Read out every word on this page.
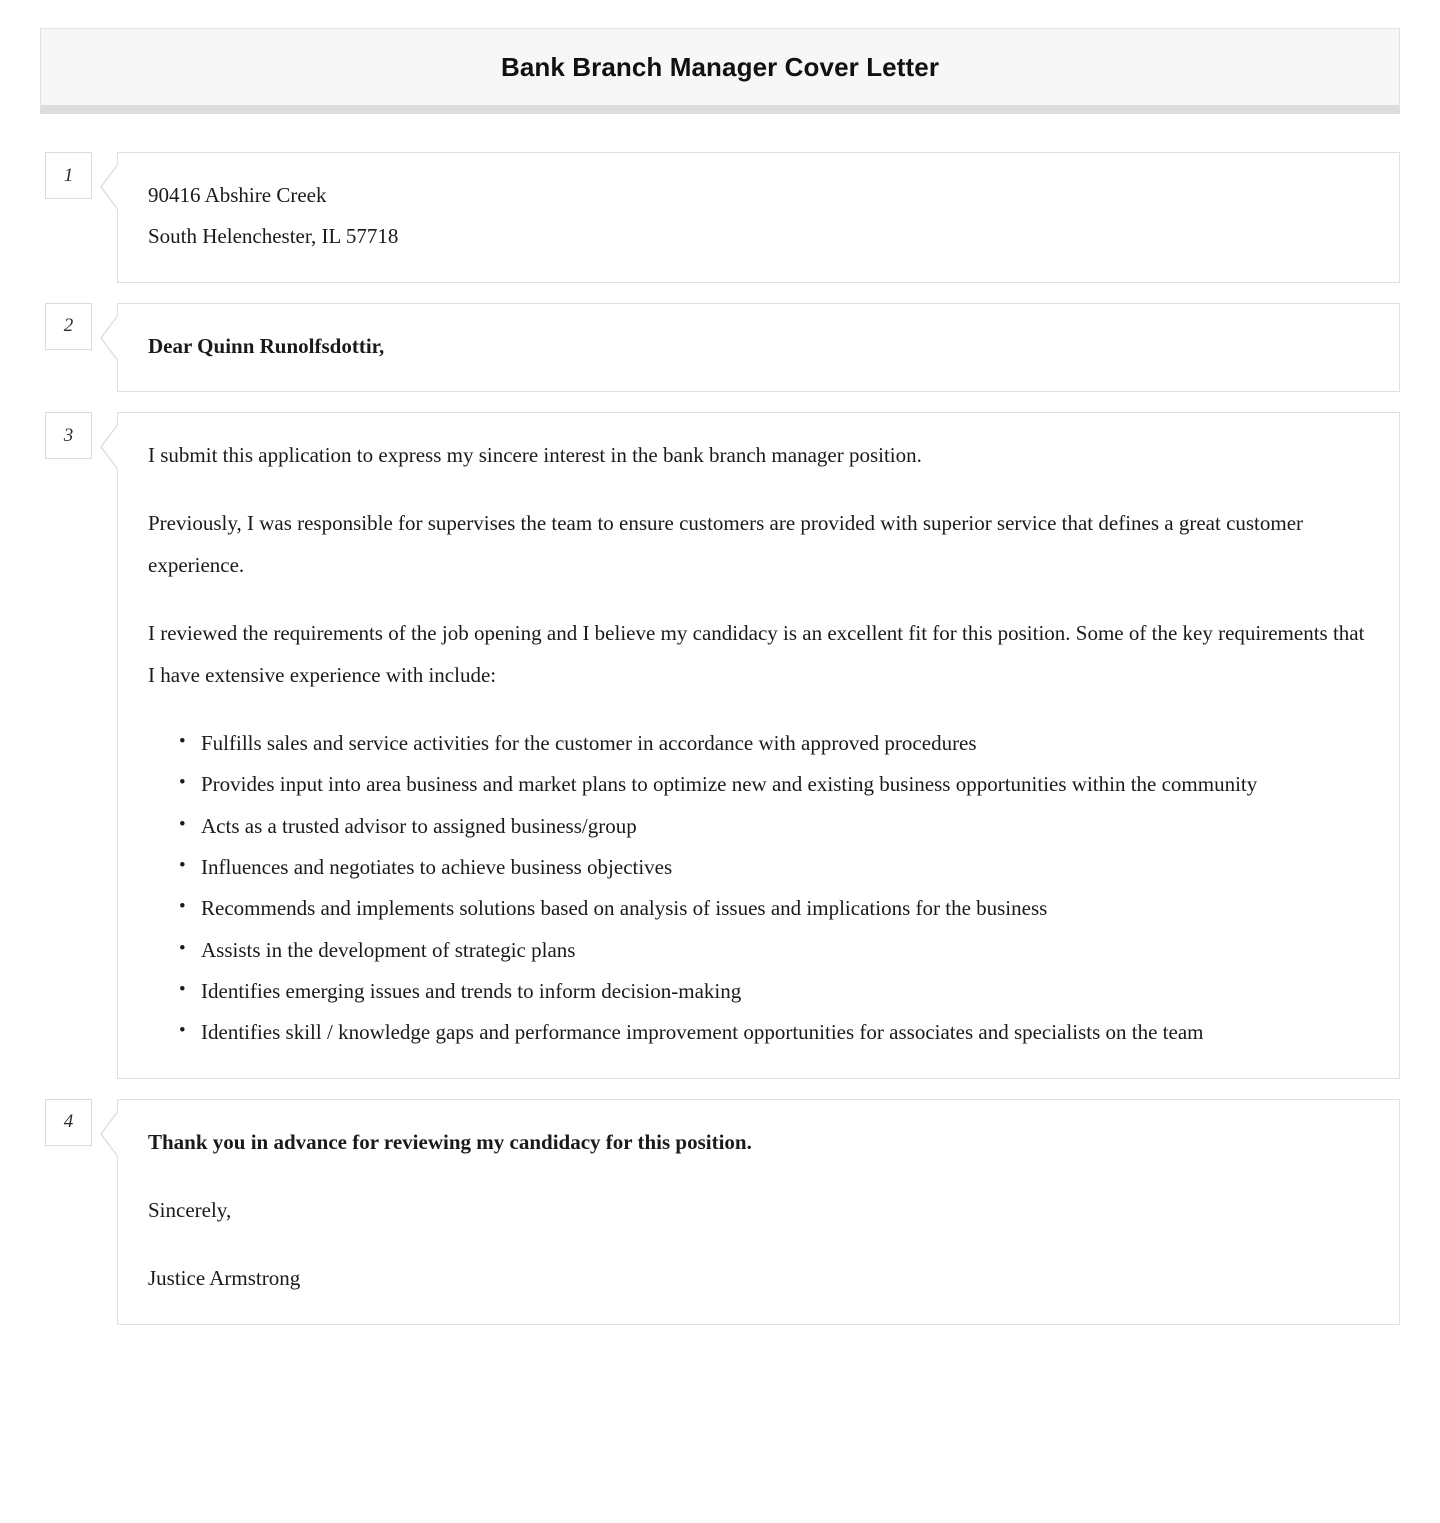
Bank Branch Manager Cover Letter
1
90416 Abshire Creek
South Helenchester, IL 57718
2

Dear Quinn Runolfsdottir,

3

I submit this application to express my sincere interest in the bank branch manager position.

Previously, I was responsible for supervises the team to ensure customers are provided with superior service that defines a great customer experience.

I reviewed the requirements of the job opening and I believe my candidacy is an excellent fit for this position. Some of the key requirements that I have extensive experience with include:

• Fulfills sales and service activities for the customer in accordance with approved procedures
• Provides input into area business and market plans to optimize new and existing business opportunities within the community
• Acts as a trusted advisor to assigned business/group
• Influences and negotiates to achieve business objectives
• Recommends and implements solutions based on analysis of issues and implications for the business
• Assists in the development of strategic plans
• Identifies emerging issues and trends to inform decision-making
• Identifies skill / knowledge gaps and performance improvement opportunities for associates and specialists on the team
4

Thank you in advance for reviewing my candidacy for this position.

Sincerely,

Justice Armstrong
